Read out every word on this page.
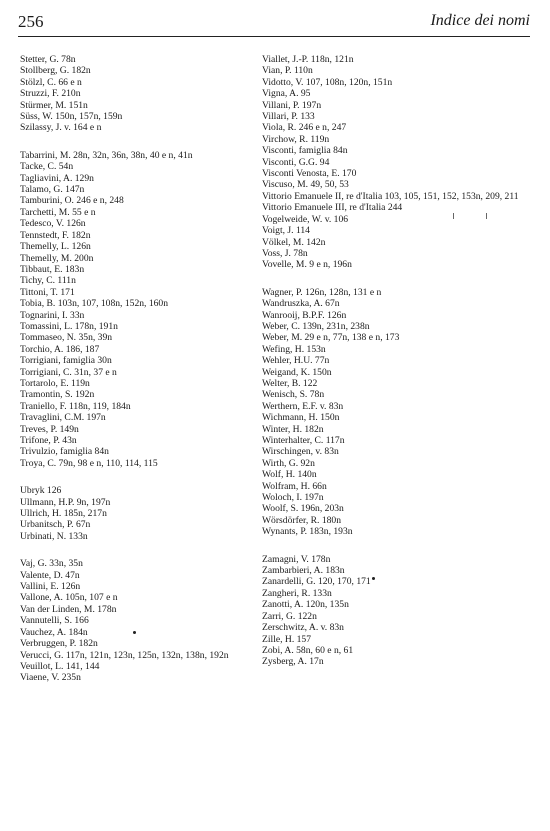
256	Indice dei nomi
Stetter, G. 78n
Stollberg, G. 182n
Stölzl, C. 66 e n
Struzzi, F. 210n
Stürmer, M. 151n
Süss, W. 150n, 157n, 159n
Szilassy, J. v. 164 e n
Tabarrini, M. 28n, 32n, 36n, 38n, 40 e n, 41n
Tacke, C. 54n
Tagliavini, A. 129n
Talamo, G. 147n
Tamburini, O. 246 e n, 248
Tarchetti, M. 55 e n
Tedesco, V. 126n
Tennstedt, F. 182n
Themelly, L. 126n
Themelly, M. 200n
Tibbaut, E. 183n
Tichy, C. 111n
Tittoni, T. 171
Tobia, B. 103n, 107, 108n, 152n, 160n
Tognarini, I. 33n
Tomassini, L. 178n, 191n
Tommaseo, N. 35n, 39n
Torchio, A. 186, 187
Torrigiani, famiglia 30n
Torrigiani, C. 31n, 37 e n
Tortarolo, E. 119n
Tramontin, S. 192n
Traniello, F. 118n, 119, 184n
Travaglini, C.M. 197n
Treves, P. 149n
Trifone, P. 43n
Trivulzio, famiglia 84n
Troya, C. 79n, 98 e n, 110, 114, 115
Ubryk 126
Ullmann, H.P. 9n, 197n
Ullrich, H. 185n, 217n
Urbanitsch, P. 67n
Urbinati, N. 133n
Vaj, G. 33n, 35n
Valente, D. 47n
Vallini, E. 126n
Vallone, A. 105n, 107 e n
Van der Linden, M. 178n
Vannutelli, S. 166
Vauchez, A. 184n
Verbruggen, P. 182n
Verucci, G. 117n, 121n, 123n, 125n, 132n, 138n, 192n
Veuillot, L. 141, 144
Viaene, V. 235n
Viallet, J.-P. 118n, 121n
Vian, P. 110n
Vidotto, V. 107, 108n, 120n, 151n
Vigna, A. 95
Villani, P. 197n
Villari, P. 133
Viola, R. 246 e n, 247
Virchow, R. 119n
Visconti, famiglia 84n
Visconti, G.G. 94
Visconti Venosta, E. 170
Viscuso, M. 49, 50, 53
Vittorio Emanuele II, re d'Italia 103, 105, 151, 152, 153n, 209, 211
Vittorio Emanuele III, re d'Italia 244
Vogelweide, W. v. 106
Voigt, J. 114
Völkel, M. 142n
Voss, J. 78n
Vovelle, M. 9 e n, 196n
Wagner, P. 126n, 128n, 131 e n
Wandruszka, A. 67n
Wanrooij, B.P.F. 126n
Weber, C. 139n, 231n, 238n
Weber, M. 29 e n, 77n, 138 e n, 173
Wefing, H. 153n
Wehler, H.U. 77n
Weigand, K. 150n
Welter, B. 122
Wenisch, S. 78n
Werthern, E.F. v. 83n
Wichmann, H. 150n
Winter, H. 182n
Winterhalter, C. 117n
Wirschingen, v. 83n
Wirth, G. 92n
Wolf, H. 140n
Wolfram, H. 66n
Woloch, I. 197n
Woolf, S. 196n, 203n
Wörsdörfer, R. 180n
Wynants, P. 183n, 193n
Zamagni, V. 178n
Zambarbieri, A. 183n
Zanardelli, G. 120, 170, 171
Zangheri, R. 133n
Zanotti, A. 120n, 135n
Zarri, G. 122n
Zerschwitz, A. v. 83n
Zille, H. 157
Zobi, A. 58n, 60 e n, 61
Zysberg, A. 17n
